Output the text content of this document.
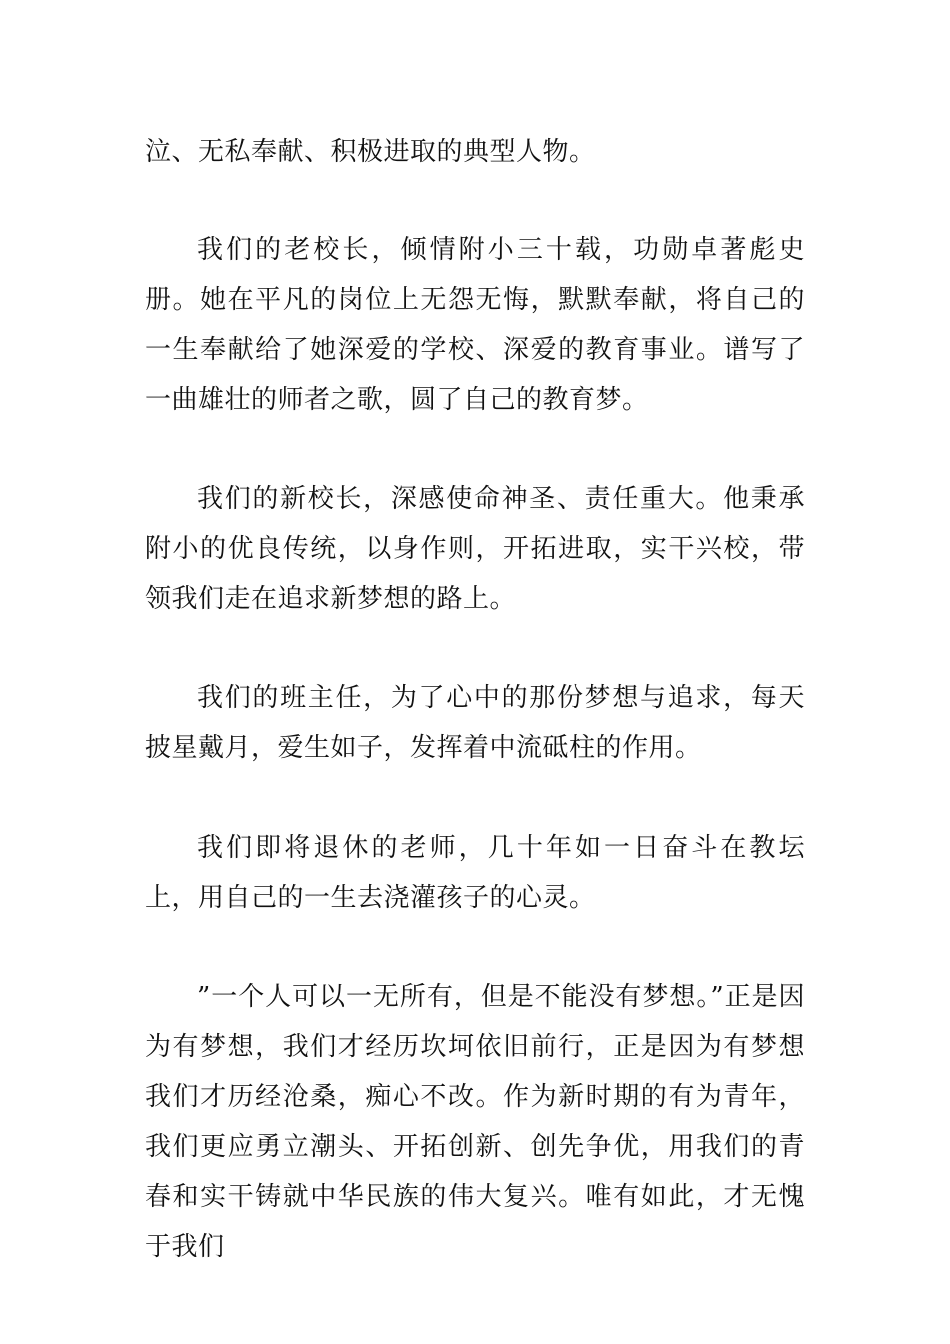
泣、无私奉献、积极进取的典型人物。

我们的老校长，倾情附小三十载，功勋卓著彪史册。她在平凡的岗位上无怨无悔，默默奉献，将自己的一生奉献给了她深爱的学校、深爱的教育事业。谱写了一曲雄壮的师者之歌，圆了自己的教育梦。

我们的新校长，深感使命神圣、责任重大。他秉承附小的优良传统，以身作则，开拓进取，实干兴校，带领我们走在追求新梦想的路上。

我们的班主任，为了心中的那份梦想与追求，每天披星戴月，爱生如子，发挥着中流砥柱的作用。

我们即将退休的老师，几十年如一日奋斗在教坛上，用自己的一生去浇灌孩子的心灵。

”一个人可以一无所有，但是不能没有梦想。”正是因为有梦想，我们才经历坎坷依旧前行，正是因为有梦想我们才历经沧桑，痴心不改。作为新时期的有为青年，我们更应勇立潮头、开拓创新、创先争优，用我们的青春和实干铸就中华民族的伟大复兴。唯有如此，才无愧于我们
